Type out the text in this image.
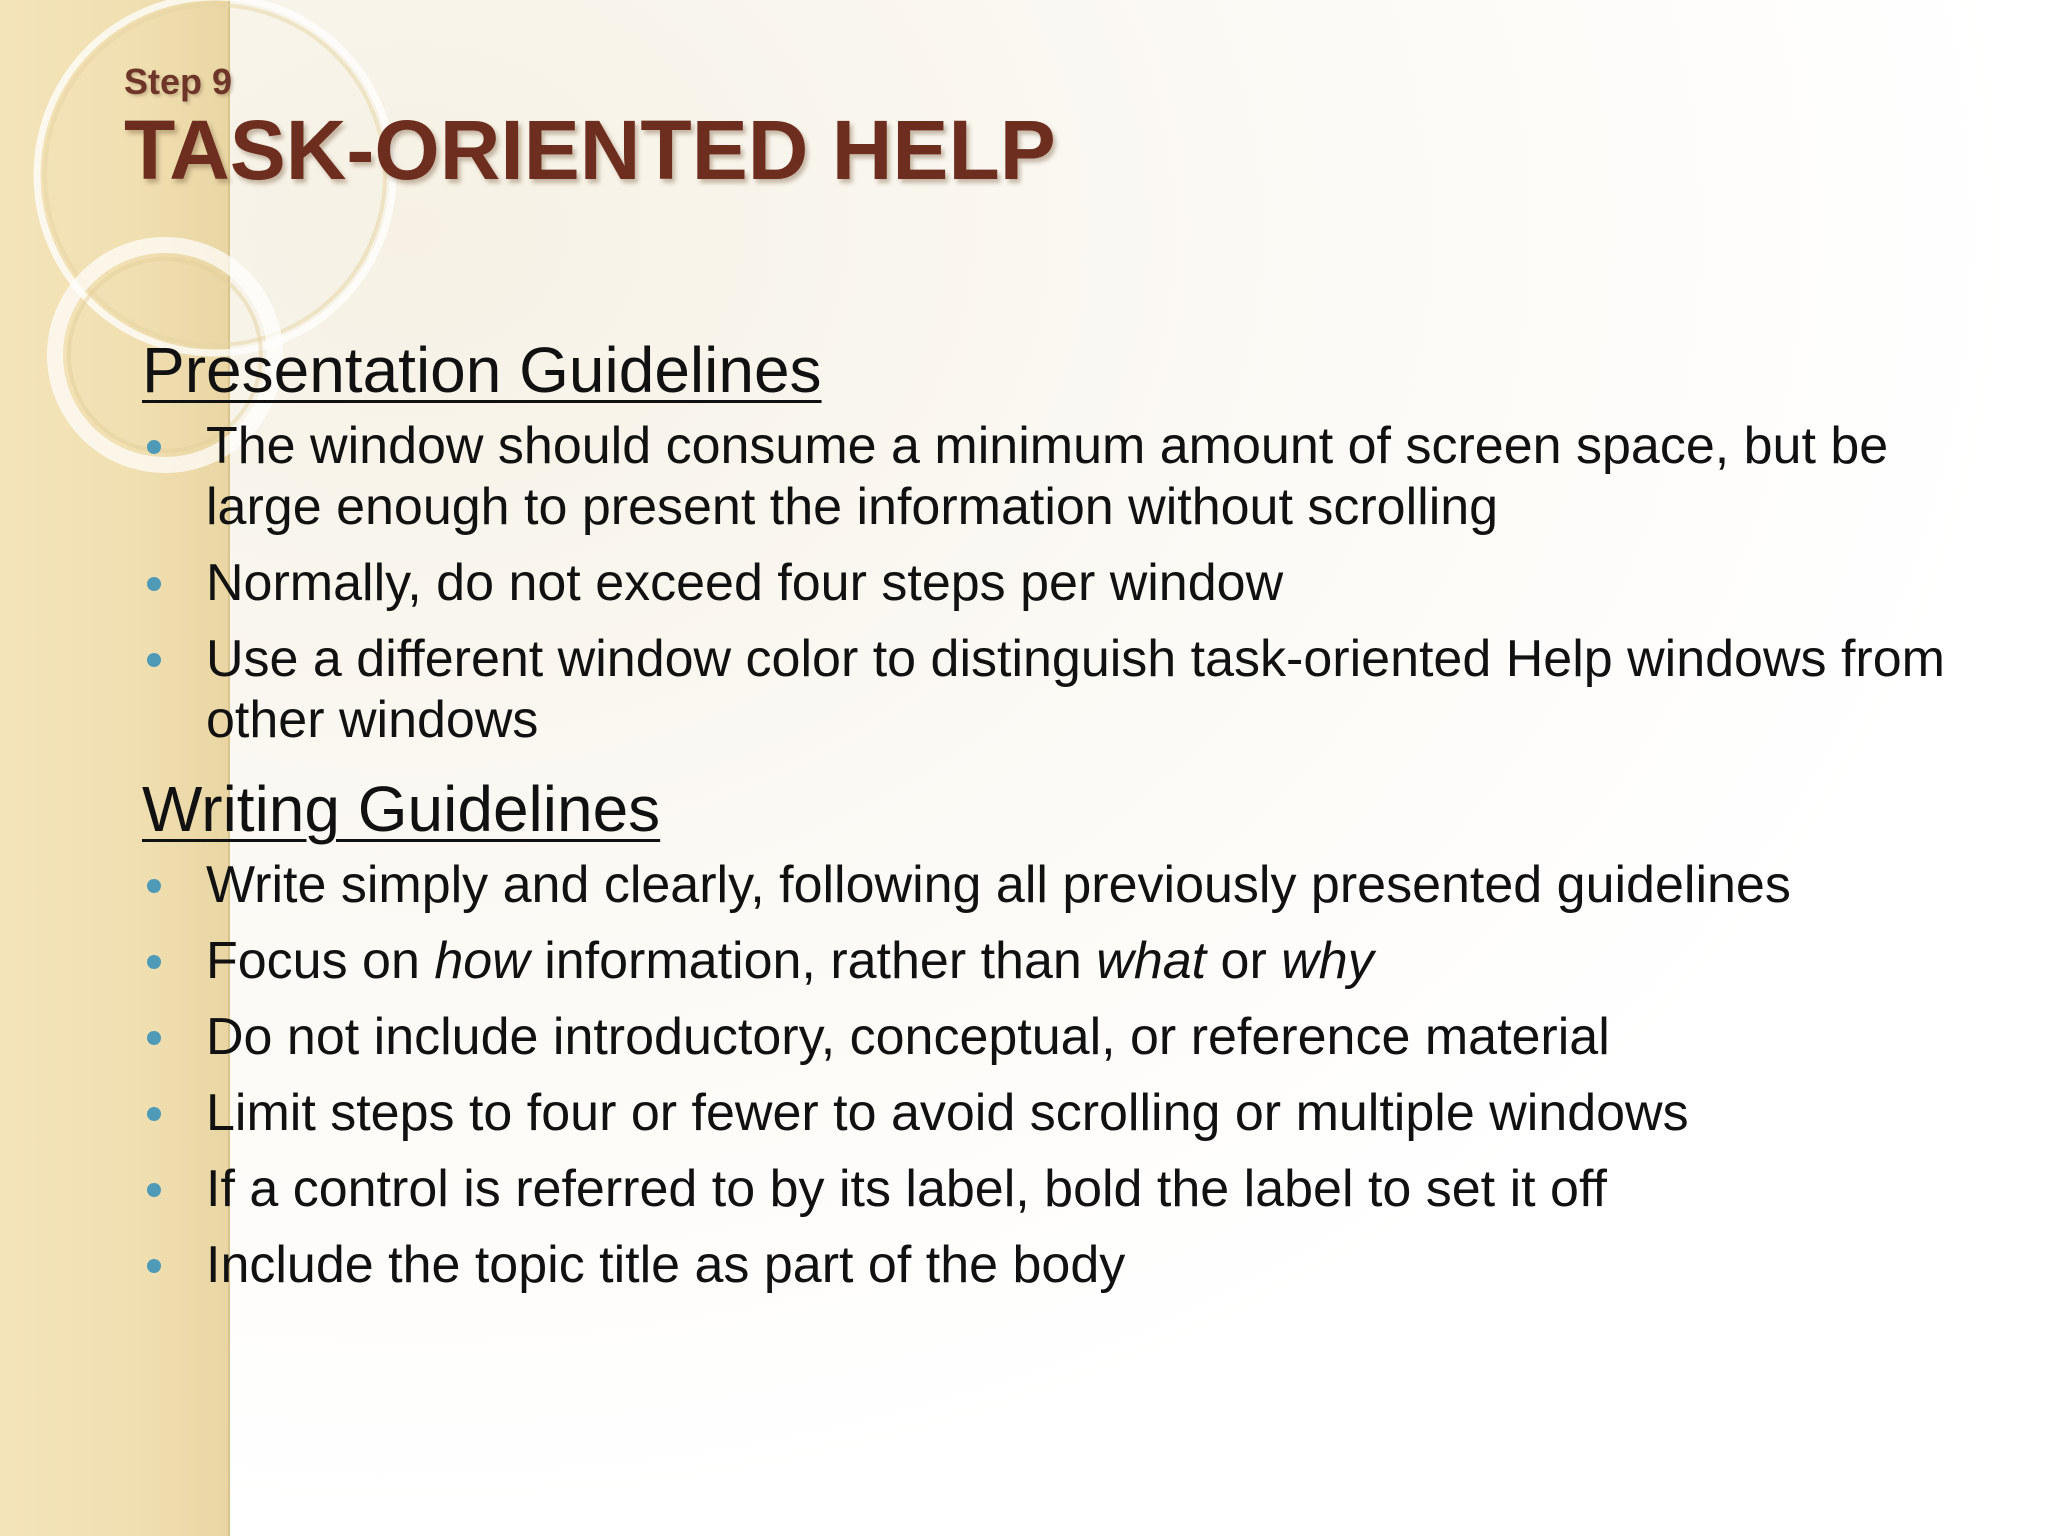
Step 9
TASK-ORIENTED HELP
Presentation Guidelines
The window should consume a minimum amount of screen space, but be large enough to present the information without scrolling
Normally, do not exceed four steps per window
Use a different window color to distinguish task-oriented Help windows from other windows
Writing Guidelines
Write simply and clearly, following all previously presented guidelines
Focus on how information, rather than what or why
Do not include introductory, conceptual, or reference material
Limit steps to four or fewer to avoid scrolling or multiple windows
If a control is referred to by its label, bold the label to set it off
Include the topic title as part of the body
